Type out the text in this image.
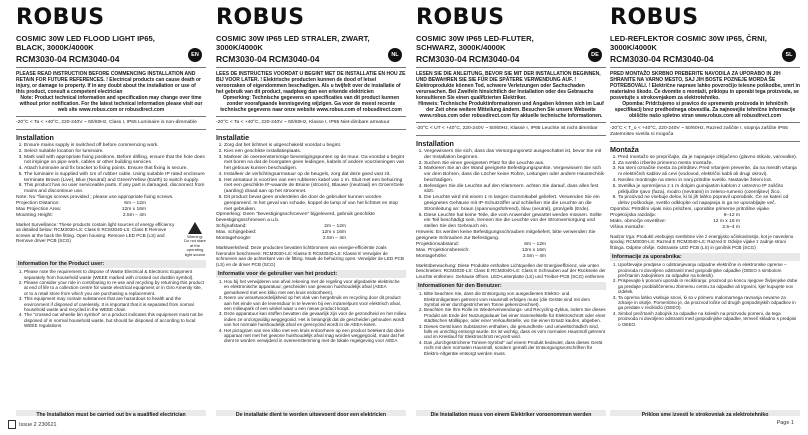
ROBUS
COSMIC 30W LED FLOOD LIGHT IP65, BLACK, 3000K/4000K
EN
RCM3030-04 RCM3040-04
PLEASE READ INSTRUCTION BEFORE COMMENCING INSTALLATION AND RETAIN FOR FUTURE REFERENCES. ! Electrical products can cause death or injury, or damage to property. If in any doubt about the installation or use of this product, consult a competent electrician
Note: Product technical information and specification may change over time without prior notification. For the latest technical information please visit our web site www.robus.com or robusdirect.com
-20°C < Ta < +40°C, 220-240V ~ 50/60Hz, Class I, IP65 Luminaire is non-dimmable
Installation
1. Ensure mains supply is switched off before commencing work.
2. Select suitable location for luminaire.
3. Mark wall with appropriate fixing positions. Before drilling, ensure that the hole does not impinge on pipe work, cables or other building services
4. Attach luminaire and fix bracket to fixing points. Ensure that fixing is secure.
5. The luminaire is supplied with 1m of rubber cable. Using suitable IP rated enclosure terminate Brown (Live), Blue (Neutral) and Green/Yellow (Earth) to switch supply.
6. This product has no user serviceable parts. If any part is damaged, disconnect from mains and discontinue use.
Note: No "fixings screws provided ; please use appropriate fixing screws.
Projection Distance:	6m – 12m
Max Projection Area:	12m x 16m
Mounting Height:	2.5m – 4m
Market Surveillance: These products contain light sources of energy efficiency as detailed below: RCM3030-LS: Class E RCM3040-LS: Class E Remove screws at the back the fitting. Open housing. Remove LED PCB (LS) and Remove driver PCB (SCG)
Warning: Do not stare at the operating light source
Information for the Product user:
1. Please note the requirement to dispose of Waste Electrical & Electronic Equipment separately from household waste (WEEE marked with crossed out dustbin symbol).
2. Please consider your role in contributing to re-use and recycling by returning this product at end of life to a collection centre for waste electrical equipment or in Giro Amenity site, or to a retail store from which you are purchasing a replacement.
3. This equipment may contain substances that are hazardous to health and the environment if disposed of carelessly. It is important that it is separated from normal household waste and recycled in the WEEE chain
4. The "crossed out wheelie bin symbol" on a product indicates this equipment must not be disposed of in normal household waste, but should be disposed of according to local WEEE regulations
The Installation must be carried out by a qualified electrician
ROBUS
COSMIC 30W IP65 LED STRALER, ZWART, 3000K/4000K
NL
RCM3030-04 RCM3040-04
LEES DE INSTRUCTIES VOORDAT U BEGINT MET DE INSTALLATIE EN HOU ZE BIJ VOOR LATER. ! Elektrische producten kunnen de dood of letsel veroorzaken of eigendommen beschadigen. Als u twijfelt over de installatie of het gebruik van dit product, raadpleeg dan een erkende elektricien
Opmerking: Technische gegevens en specificaties van dit product kunnen zonder voorafgaande kennisgeving wijzigen. Ga voor de meest recente technische gegevens naar onze website www.robus.com of robusdirect.com
-20°C < Ta < +40°C, 220-240V ~ 50/60Hz, Klasse I, IP65 Niet-dimbare armatuur
Installatie
1. Zorg dat het lichtnet is uitgeschakeld voordat u begint.
2. Kies een geschikte installatieplaats.
3. Markeer de overeenstemmige bevestigingspunten op de muur. Ga voordat u begint met boren na dat de boorgaten geen leidingen, kabels of andere voorzieningen van het gebouw kunnen beschadigen.
4. Installeer de verlichtingsarmatuur op de beugels, zorg dat deze goed vast zit.
5. Het armatuur is voorzien van een rubberen kabel van 1 m. Sluit met een behuizing met een geschikte IP-waarde de Bruine (stroom), Blauwe (neutraal) en Groen/Gele (aarding) draad aan op het stroomnet.
6. Dit product bevat geen onderdelen die door de gebruiker kunnen worden gerepareerd. In het geval van schade, koppel de lamp af van het lichtnet en stop met gebruiken.
Opmerking: Geen "bevestigingsschroeven" bijgeleverd, gebruik geschikte bevestigingsschroeven a.u.b.
Schijnafstand:	2m – 12m
Max. schijngebied:	12m x 16m
Montagehoogte:	2.5m – 4m
Marktwerksheid: Deze producten bevatten lichtbronnen van energie-efficiëntie zoals hieronder beschreven: RCM3030-LS: Klasse E RCM3040-LS: Klasse E Verwijder de schroeven aan de achterkant van de fitting. Maak de behuizing open. Verwijder de LED PCB (LS) en de driver PCB (SCG)
Informatie voor de gebruiker van het product:
1. Hou bij het verwijderen van afval rekening met de regeling voor afgedankte elektrische en elektronische apparatuur, gescheiden van gewoon huishoudelijk afval (AEEA gemarkeerd met een kliko met een kruis erdoorheen).
2. Neem uw verantwoordelijkheid op het vlak van hergebruik en recycling door dit product aan het einde van de levensduur in te leveren bij een inzamelpunt voor elektrisch afval, een milieupark of een winkel waar u een nieuw product koopt.
3. Deze apparatuur kan stoffen bevatten die gevaarlijk zijn voor de gezondheid en het milieu indien ze onzorgvuldig weggegooid. Het is belangrijk dat de gescheiden gehouden wordt van het normale huishoudelijk afval en gerecycled wordt in de AEEA-keten.
4. Het pictogram van een kliko met een kruis erdoorheen op een product betekent dat deze apparaat niet met het gewone huishoudelijk afval mag worden weggegooid, maar dat het dient te worden verwijderd in overeenstemming met de lokale regelgeving voor AEEA
De installatie dient te worden uitgevoerd door een elektricien
ROBUS
COSMIC 30W IP65 LED-FLUTER, SCHWARZ, 3000K/4000K
DE
RCM3030-04 RCM3040-04
LESEN SIE DIE ANLEITUNG, BEVOR SIE MIT DER INSTALLATION BEGINNEN, UND BEWAHREN SIE SIE FÜR DIE SPÄTERE VERWENDUNG AUF. ! Elektroprodukte können Tod, schwere Verletzungen oder Sachschaden verursachen. Bei Zweifeln hinsichtlich der Installation oder des Gebrauchs konsultieren Sie einen qualifizierten Elektriker.
Hinweis: Technische Produktinformationen und Angaben können sich im Lauf der Zeit ohne weitere Mitteilung ändern. Besuchen Sie unsere Webseite www.robus.com oder robusdirect.com für aktuelle technische Informationen.
-20°C < UT < +40°C, 220-240V ~ 50/60Hz, Klasse I, IP65 Leuchte ist nicht dimmbar
Installation
1. Vergewissern Sie sich, dass das Versorgungsnetz ausgeschaltet ist, bevor Sie mit der Installation beginnen.
2. Suchen Sie einen geeigneten Platz für die Leuchte aus.
3. Markieren Sie an der Wand geeignete Befestigungspunkte. Vergewissern Sie sich vor dem Bohren, dass die Löcher keine Rohre, Leitungen oder andere Haustechnik beschädigen.
4. Befestigen Sie die Leuchte auf den Klammern. achten Sie darauf, dass alles fest sitzt.
5. Die Leuchte wird mit einem 1 m langen Gummikabel geliefert. Verwenden Sie ein geeignetes Gehäuse mit IP-Schutzziffer und schließen Sie die Leuchte an die Stromleitung an: braun (spannungsführend), blau (neutral), grün/gelb (Erde).
6. Diese Leuchte hat keine Teile, die vom Anwender gewartet werden müssen. Sollte ein Teil beschädigt sein, trennen Sie die Leuchte von der Stromversorgung und stellen Sie den Gebrauch ein.
Hinweis: Es werden keine Befestigungsschrauben mitgeliefert, bitte verwenden Sie geeignete Schrauben zur Befestigung.
Projektionsabstand:	6m – 12m
Max. Projektionsbereich:	12m x 16m
Montagehöhe:	2.5m – 4m
Marktüberwachung: Diese Produkte enthalten Lichtquellen der Energieeffizienz, wie unten beschrieben: RCM3030-LS: Class E RCM3040-LS: Class E Schrauben auf der Rückseite der Leuchte entfernen. Gehäuse öffnen. LED-Leiterplatte (LS) und Treiber-PCB (SCG) entfernen
Informationen für den Benutzer:
1. Bitte beachten Sie, dass die Entsorgung von ausgedienten Elektro- und Elektronikgeräten getrennt vom Hausmüll erfolgen muss (die Geräte sind mit dem Symbol einer durchgestrichenen Tonne gekennzeichnet).
2. Beachten Sie Ihre Rolle im Wiederverwendungs- und Recycling-Zyklus, indem Sie dieses Produkt am Ende der Nutzungsdauer bei einer Sammelstelle für Elektroschrott oder einer städtischen Müllkippe, oder einer Verkaufsstelle, wo Sie einen Ersatz kaufen, abgeben.
3. Dieses Gerät kann Substanzen enthalten, die gesundheits- und umweltschädlich sind, falls es unrichtig entsorgt wurde. Es ist wichtig, dass es vom normalen Hausmüll getrennt und im Kreislauf für Elektroschrott recycelt wird.
4. Das „durchgestrichene Tonnen-Symbol" auf einem Produkt bedeutet, dass dieses Gerät nicht mit dem normalen Hausmüll, sondern gemäß der Entsorgungsvorschriften für Elektro-Altgeräte entsorgt werden muss.
Die Installation muss von einem Elektriker vorgenommen werden
ROBUS
LED-REFLEKTOR COSMIC 30W IP65, ČRNI, 3000K/4000K
SL
RCM3030-04 RCM3040-04
PRED MONTAŽO SKRBNO PREBERITE NAVODILA ZA UPORABO IN JIH SHRANITE NA VARNO MESTO, SAJ JIH BOSTE POZNEJE MORDA ŠE POTREBOVALI. ! Električne naprave lahko povzročijo telesne poškodbe, smrt in materialno škodo. Če dvomite o montaži, priklopu in uporabi tega proizvoda, se posvetujte s strokovnjakom za elektrotehniko.
Opomba: Pridržujemo si pravico do sprememb proizvoda in tehničnih specifikacij brez predhodnega obvestila. Za najnovejše tehnične informacije obiščite našo spletno stran www.robus.com ali robusdirect.com
-20°C < T_o < +40°C, 220-240V ~ 50/60Hz, Razred zaščite I, stopnja zaščite IP65 Zatemnitev svetila ni mogoča
Montaža
1. Pred montažo se prepričajte, da je napajanje izključeno (glavno stikalo, varovalke).
2. Za svetilo izberite primerno mesto montaže.
3. Na steni označite mesta za pritrditev. Pred vrtanjem preverite, da na mestih vrtanja ni električnih kablov ali cevi (vodovod, električni kabli ali drugi okrovi).
4. Nosilec montirajte na steno in nanj pritrdite svetilo. Nastavite želeni kot.
5. Svetilka je opremljena z 1 m dolgim gumijastim kablom z ustrezno IP zaščito priključite rjavo (faza), modro (nevtralni) in zeleno-rumeno (ozemljitev) žico.
6. Ta proizvod ne vsebuje delov, ki bi jih lahko popravil uporabnik. Če se kateri od delov poškoduje, svetilo odklopite od napajanja in ga ne uporabljajte več.
Opomba: Pritrdilni vijaki niso priloženi, uporabite primerne pritrdilne vijake.
Projekcijska razdalja:	6–12 m
Maks. območje osvetlitve:	12 m x 16 m
Višina montaže:	2.5–4 m
Nadzor trga: Produkti vsebujejo svetlobne vire z energijsko učinkovitostjo, kot je navedeno spodaj: RCM3030-LS: Razred E RCM3040-LS: Razred E Odvijte vijake z zadnje strani fittinga. Odprite ohišje. Odstranite LED PCB (LS) in gonilnik PCB (SCG)
Informacije za uporabnika:
1. Upoštevajte predpise o odstranjevanju odpadne električne in elektronske opreme – proizvoda ni dovoljeno odstraniti med gospodinjske odpadke (OEEO s simbolom prečrtanim zabojnikom za odpadke na kolesih).
2. Prispevajte k ponovni uporabi in recikliranju: proizvod po koncu njegove življenjske dobe ga predajte pooblaščenemu zbirnemu centru za odpadke ali trgovini, kjer kupujete nov izdelek.
3. Ta oprema lahko vsebuje snovi, ki so v primeru malomarnega ravnanja nevarne za zdravje in okolje. Pomembno je, da proizvod ločite od drugih gospodinjskih odpadkov in ga predate v reciklažo (OEEO).
4. Simbol prečrtanih zabojnik za odpadke na kolesih na proizvodu pomeni, da tega proizvoda ni dovoljeno odstraniti med gospodinjske odpadke, temveč skladno s predpisi o OEEO.
Priklop sme izvesti le strokovnjak za elektrotehniko
Issue 2 230621	Page 1
